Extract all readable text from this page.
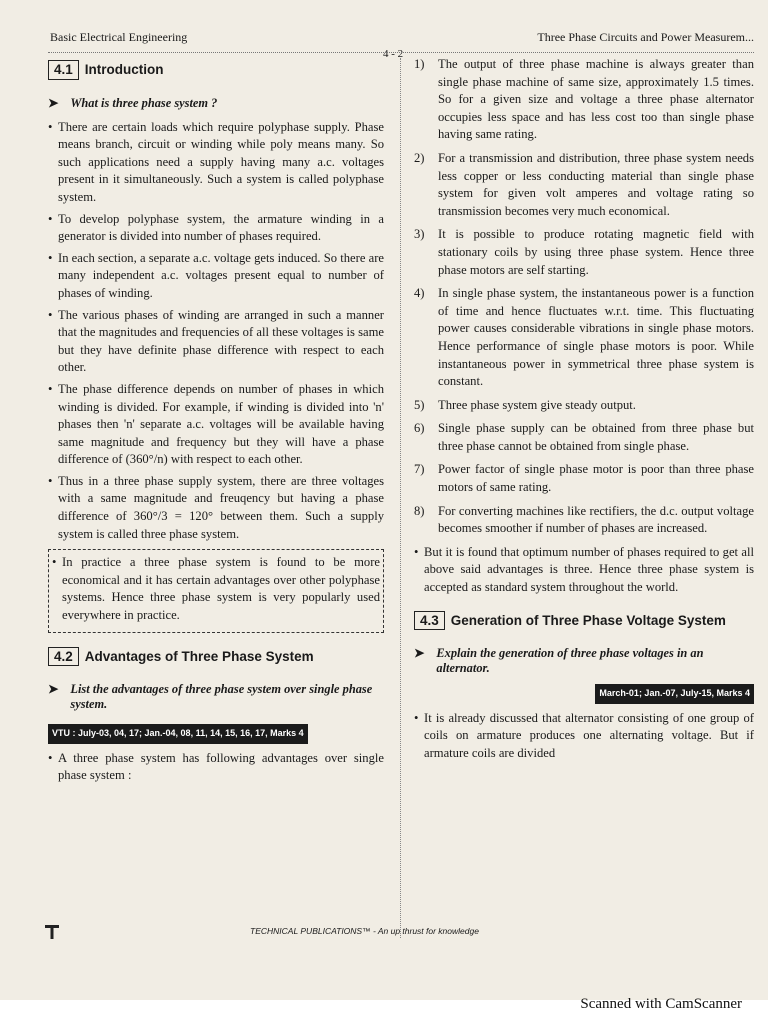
Basic Electrical Engineering
4 - 2
Three Phase Circuits and Power Measurem...
4.1 Introduction
➤ What is three phase system ?
• There are certain loads which require polyphase supply. Phase means branch, circuit or winding while poly means many. So such applications need a supply having many a.c. voltages present in it simultaneously. Such a system is called polyphase system.
• To develop polyphase system, the armature winding in a generator is divided into number of phases required.
• In each section, a separate a.c. voltage gets induced. So there are many independent a.c. voltages present equal to number of phases of winding.
• The various phases of winding are arranged in such a manner that the magnitudes and frequencies of all these voltages is same but they have definite phase difference with respect to each other.
• The phase difference depends on number of phases in which winding is divided. For example, if winding is divided into 'n' phases then 'n' separate a.c. voltages will be available having same magnitude and frequency but they will have a phase difference of (360°/n) with respect to each other.
• Thus in a three phase supply system, there are three voltages with a same magnitude and freuqency but having a phase difference of 360°/3 = 120° between them. Such a supply system is called three phase system.
• In practice a three phase system is found to be more economical and it has certain advantages over other polyphase systems. Hence three phase system is very popularly used everywhere in practice.
4.2 Advantages of Three Phase System
➤ List the advantages of three phase system over single phase system.
VTU : July-03, 04, 17; Jan.-04, 08, 11, 14, 15, 16, 17, Marks 4
• A three phase system has following advantages over single phase system :
1)	The output of three phase machine is always greater than single phase machine of same size, approximately 1.5 times. So for a given size and voltage a three phase alternator occupies less space and has less cost too than single phase having same rating.
2)	For a transmission and distribution, three phase system needs less copper or less conducting material than single phase system for given volt amperes and voltage rating so transmission becomes very much economical.
3)	It is possible to produce rotating magnetic field with stationary coils by using three phase system. Hence three phase motors are self starting.
4)	In single phase system, the instantaneous power is a function of time and hence fluctuates w.r.t. time. This fluctuating power causes considerable vibrations in single phase motors. Hence performance of single phase motors is poor. While instantaneous power in symmetrical three phase system is constant.
5)	Three phase system give steady output.
6)	Single phase supply can be obtained from three phase but three phase cannot be obtained from single phase.
7)	Power factor of single phase motor is poor than three phase motors of same rating.
8)	For converting machines like rectifiers, the d.c. output voltage becomes smoother if number of phases are increased.
• But it is found that optimum number of phases required to get all above said advantages is three. Hence three phase system is accepted as standard system throughout the world.
4.3 Generation of Three Phase Voltage System
➤ Explain the generation of three phase voltages in an alternator.
March-01; Jan.-07, July-15, Marks 4
• It is already discussed that alternator consisting of one group of coils on armature produces one alternating voltage. But if armature coils are divided
TECHNICAL PUBLICATIONS™ - An up thrust for knowledge
Scanned with CamScanner
